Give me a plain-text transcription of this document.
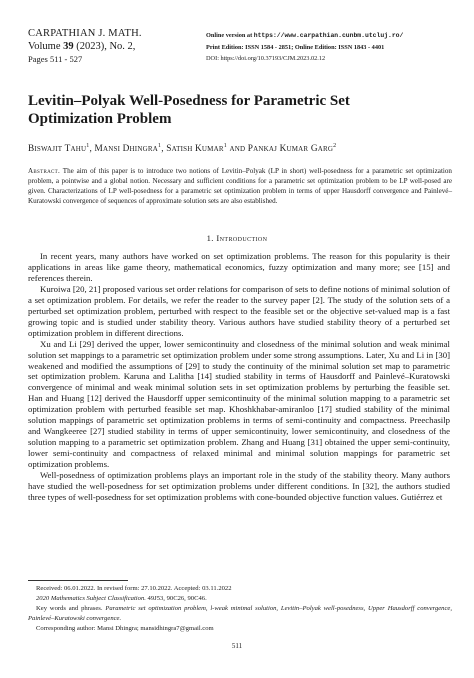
CARPATHIAN J. MATH.
Volume 39 (2023), No. 2,
Pages 511 - 527
Online version at https://www.carpathian.cunbm.utcluj.ro/
Print Edition: ISSN 1584 - 2851; Online Edition: ISSN 1843 - 4401
DOI: https://doi.org/10.37193/CJM.2023.02.12
Levitin–Polyak Well-Posedness for Parametric Set
Optimization Problem
Biswajit Tahu$^1$, Mansi Dhingra$^1$, Satish Kumar$^1$ and Pankaj Kumar Garg$^2$
Abstract. The aim of this paper is to introduce two notions of Levitin–Polyak (LP in short) well-posedness for a parametric set optimization problem, a pointwise and a global notion. Necessary and sufficient conditions for a parametric set optimization problem to be LP well-posed are given. Characterizations of LP well-posedness for a parametric set optimization problem in terms of upper Hausdorff convergence and Painlevé–Kuratowski convergence of sequences of approximate solution sets are also established.
1. Introduction

In recent years, many authors have worked on set optimization problems. The reason for this popularity is their applications in areas like game theory, mathematical economics, fuzzy optimization and many more; see [15] and references therein.

Kuroiwa [20, 21] proposed various set order relations for comparison of sets to define notions of minimal solution of a set optimization problem. For details, we refer the reader to the survey paper [2]. The study of the solution sets of a perturbed set optimization problem, perturbed with respect to the feasible set or the objective set-valued map is a fast growing topic and is studied under stability theory. Various authors have studied stability theory of a perturbed set optimization problem in different directions.

Xu and Li [29] derived the upper, lower semicontinuity and closedness of the minimal solution and weak minimal solution set mappings to a parametric set optimization problem under some strong assumptions. Later, Xu and Li in [30] weakened and modified the assumptions of [29] to study the continuity of the minimal solution set map to parametric set optimization problem. Karuna and Lalitha [14] studied stability in terms of Hausdorff and Painlevé–Kuratowski convergence of minimal and weak minimal solution sets in set optimization problems by perturbing the feasible set. Han and Huang [12] derived the Hausdorff upper semicontinuity of the minimal solution mapping to a parametric set optimization problem with perturbed feasible set map. Khoshkhabar-amiranloo [17] studied stability of the minimal solution mappings of parametric set optimization problems in terms of semi-continuity and compactness. Preechasilp and Wangkeeree [27] studied stability in terms of upper semicontinuity, lower semicontinuity, and closedness of the solution mapping to a parametric set optimization problem. Zhang and Huang [31] obtained the upper semi-continuity, lower semi-continuity and compactness of relaxed minimal and minimal solution mappings for parametric set optimization problems.

Well-posedness of optimization problems plays an important role in the study of the stability theory. Many authors have studied the well-posedness for set optimization problems under different conditions. In [32], the authors studied three types of well-posedness for set optimization problems with cone-bounded objective function values. Gutiérrez et

Received: 06.01.2022. In revised form: 27.10.2022. Accepted: 03.11.2022
2020 Mathematics Subject Classification. 49J53, 90C26, 90C46.
Key words and phrases. Parametric set optimization problem, l-weak minimal solution, Levitin–Polyak well-posedness, Upper Hausdorff convergence, Painlevé–Kuratowski convergence.
Corresponding author: Mansi Dhingra; mansidhingra7@gmail.com
511
